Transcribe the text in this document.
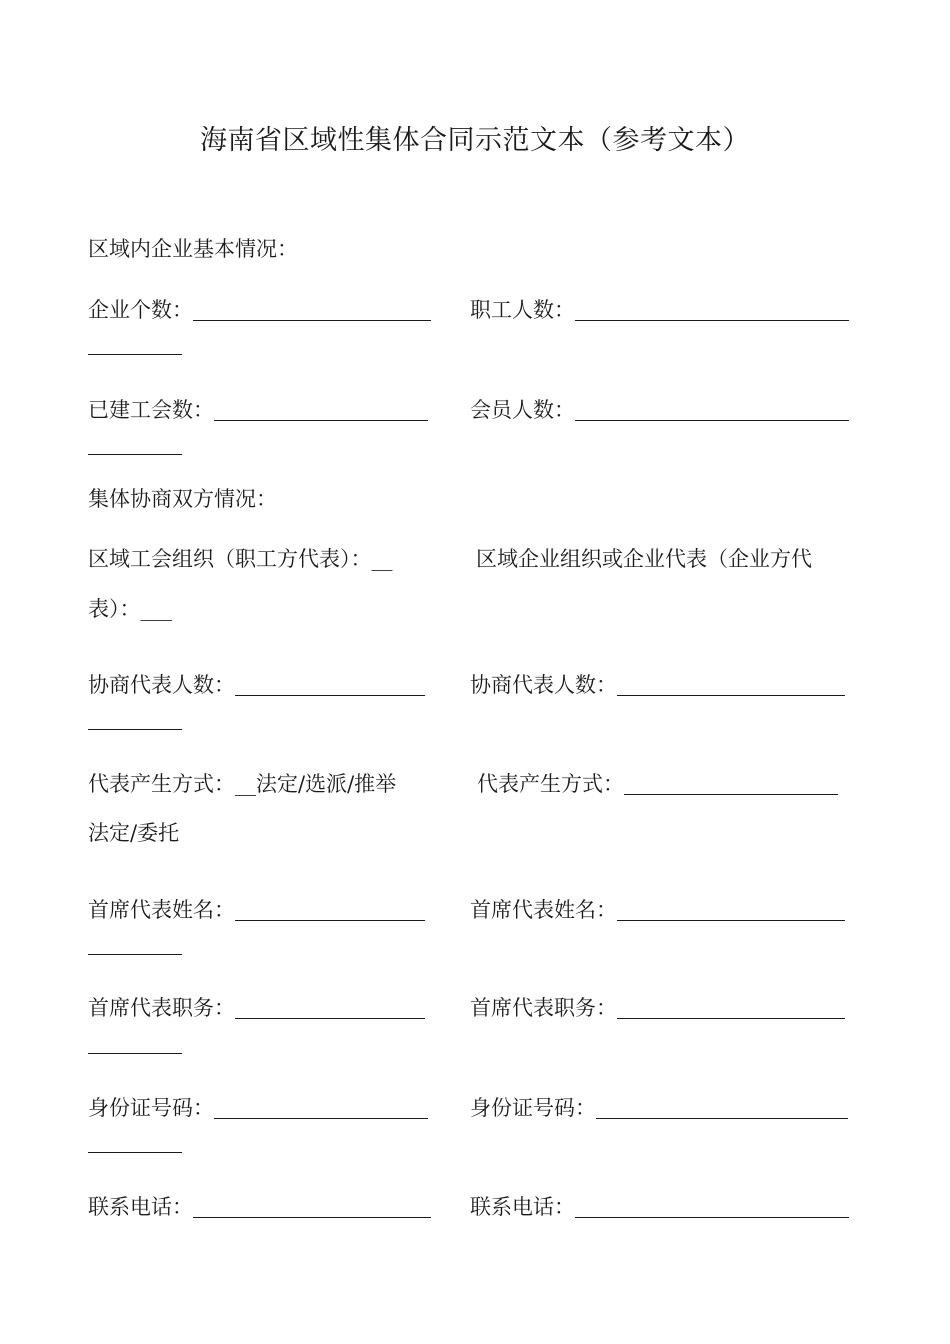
海南省区域性集体合同示范文本（参考文本）
区域内企业基本情况：
企业个数：	职工人数：
已建工会数：	会员人数：
集体协商双方情况：
区域工会组织（职工方代表）：__	区域企业组织或企业代表（企业方代
表）：___
协商代表人数：	协商代表人数：
代表产生方式：__法定/选派/推举	代表产生方式：
法定/委托
首席代表姓名：	首席代表姓名：
首席代表职务：	首席代表职务：
身份证号码：	身份证号码：
联系电话：	联系电话：
